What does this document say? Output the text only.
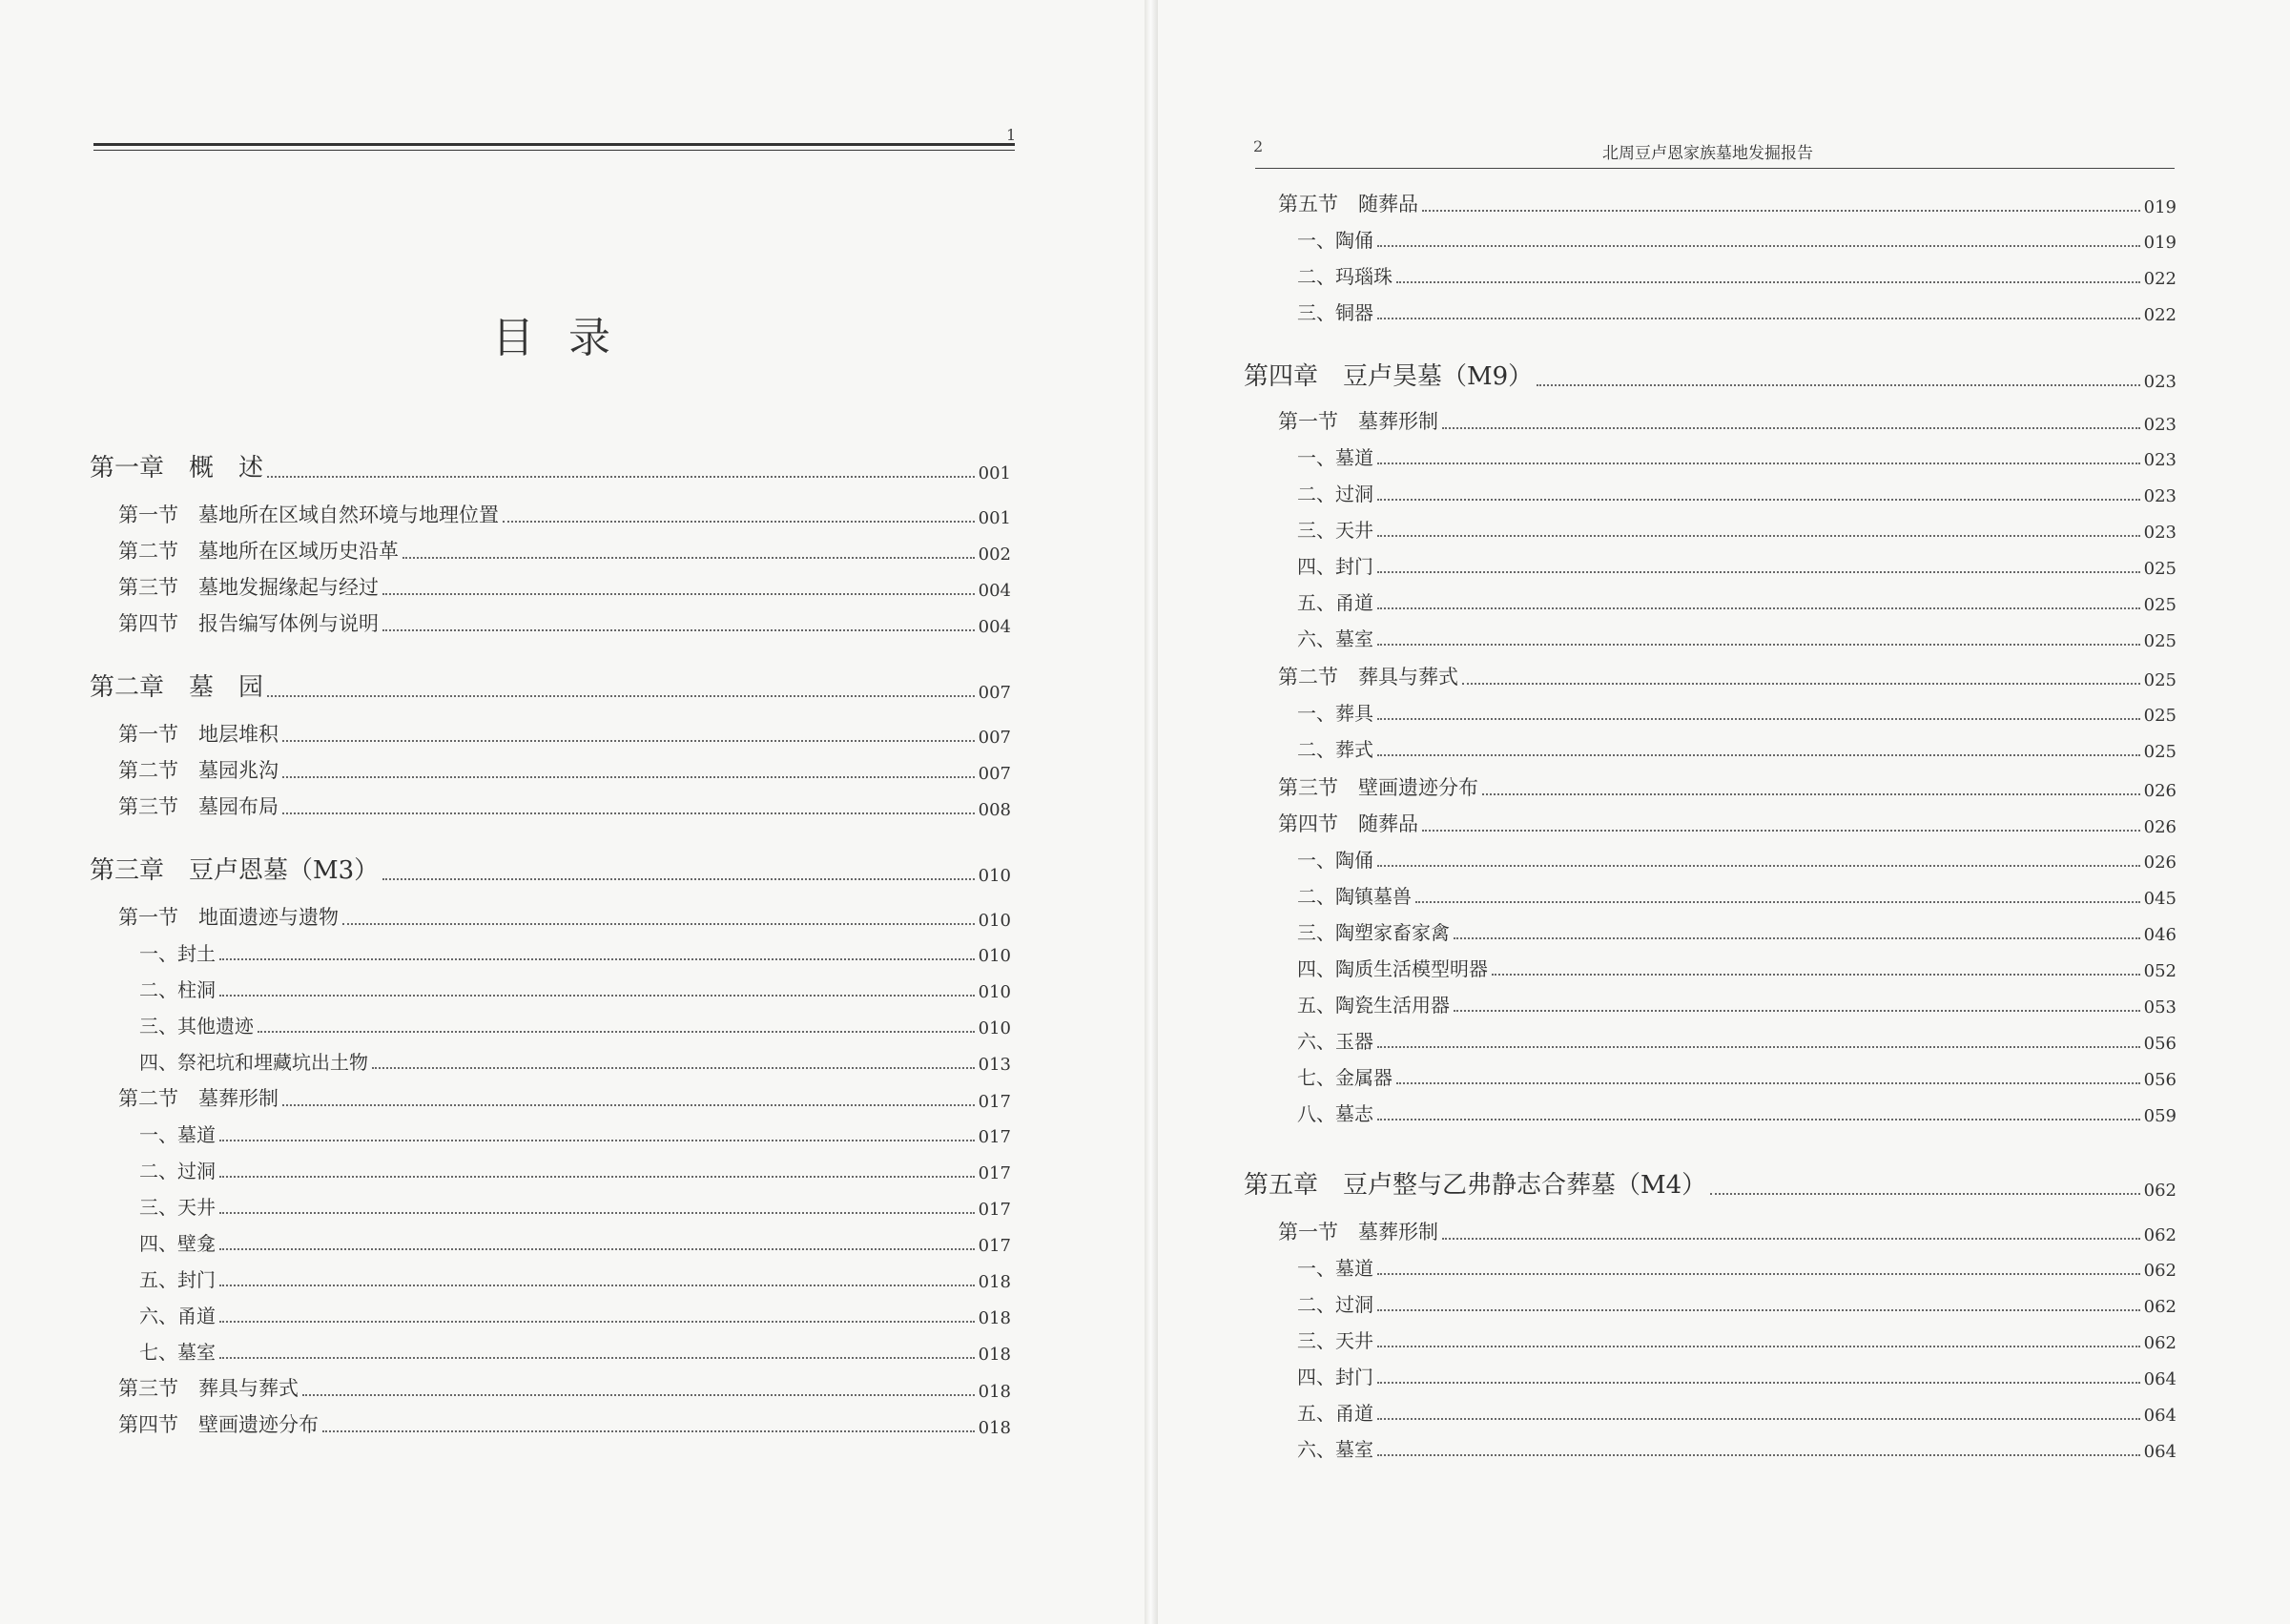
1
目录
2	北周豆卢恩家族墓地发掘报告
第一章　概　述	001
第一节　墓地所在区域自然环境与地理位置	001
第二节　墓地所在区域历史沿革	002
第三节　墓地发掘缘起与经过	004
第四节　报告编写体例与说明	004
第二章　墓　园	007
第一节　地层堆积	007
第二节　墓园兆沟	007
第三节　墓园布局	008
第三章　豆卢恩墓（M3）	010
第一节　地面遗迹与遗物	010
一、封土	010
二、柱洞	010
三、其他遗迹	010
四、祭祀坑和埋藏坑出土物	013
第二节　墓葬形制	017
一、墓道	017
二、过洞	017
三、天井	017
四、壁龛	017
五、封门	018
六、甬道	018
七、墓室	018
第三节　葬具与葬式	018
第四节　壁画遗迹分布	018
第五节　随葬品	019
一、陶俑	019
二、玛瑙珠	022
三、铜器	022
第四章　豆卢昊墓（M9）	023
第一节　墓葬形制	023
一、墓道	023
二、过洞	023
三、天井	023
四、封门	025
五、甬道	025
六、墓室	025
第二节　葬具与葬式	025
一、葬具	025
二、葬式	025
第三节　壁画遗迹分布	026
第四节　随葬品	026
一、陶俑	026
二、陶镇墓兽	045
三、陶塑家畜家禽	046
四、陶质生活模型明器	052
五、陶瓷生活用器	053
六、玉器	056
七、金属器	056
八、墓志	059
第五章　豆卢整与乙弗静志合葬墓（M4）	062
第一节　墓葬形制	062
一、墓道	062
二、过洞	062
三、天井	062
四、封门	064
五、甬道	064
六、墓室	064
